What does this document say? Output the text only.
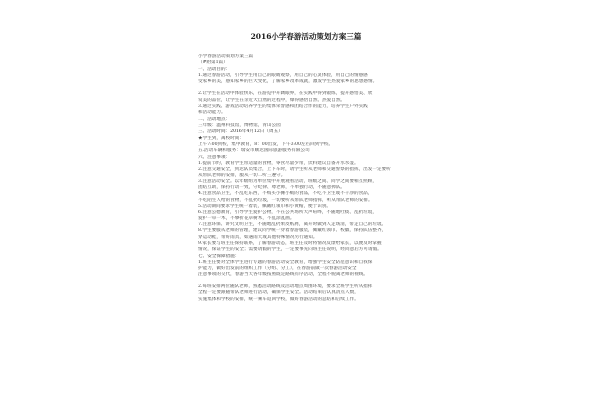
2016小学春游活动策划方案三篇
小学春游活动策划方案三篇
（#附第1篇）
一、活动目的：
1.通过春游活动，引导学生用自己的眼睛观察，用自己的心灵体验，用自己的情感感
受家乡的美，感知家乡的巨大变化，了解家乡改革成就，激发学生热爱家乡的思想感情。

2.让学生在活动中体验快乐，在游览中开阔眼界，在实践中得到锻炼，提升感悟美、欣
赏美的品位，让学生在亲近大自然的过程中，爆得感悟自然、热爱自然。
3.通过实践、游戏活动培养学生的集体荣誉感和团结合作的能力，培养学生户外实践
和活动能力。
二、活动地点：
三年级：温州科技馆，博物馆，青山公园
三、活动时间：2016年4月12日（周五）
★学生到，离校时间：
上午7:00到校，集中教育，8：00出发，下午3:00左右回到学校。
五.活动车辆和服务：瑞安市顺达国际旅游服务有限公司
六、注意事项：
1.提前节约，教育学生带适量的食物，零食尽量少带，饮料建议自备开水水壶。
2.注意交通安全，到达队员集合，上下车时，请学生听从老师和交通警察的指挥，出发一定要听
从带队老师的安排，服从一切二听三遵守。
3.注意活动安全。以年级组为单位集中开展观看活动，班级之间、同学之间要相互照顾，
团结互助，保持行动一致，守纪律、尊老师，不单独行动，不随意掉队。
4.注意食品卫生，不乱吃东西，不购买小摊小贩的食品，不吃不卫生或不干净的食品，
不吃陌生人给的食物，不乱扔垃圾，一切要听从带队老师指挥，听从带队老师的安排。
5.活动期间要求学生统一着装，佩戴红领巾和小黄帽，便于识别。
6.注意公德教育，引导学生爱护公物，不在公共场所大声喧哗，不随地吐痰、乱扔垃圾，
爱护一草一木，不攀折花草树木，不乱涂乱画。
7.注意环保、讲究文明卫生，不随地乱扔果皮纸屑，离开时做到人走场清，带走自己的垃圾。
8.学生要服从老师的管理，建议同学统一穿着春游服装，佩戴红领巾、校徽，保持队伍整齐，
穿运动鞋，带好雨具，如遇雨天或其他特殊情况另行通知。
9.家长要与班主任保持联系，了解春游动态，班主任及时将情况反馈给家长，以便及时掌握
情况，保证学生的安全；需要请假的学生，一定要事先向班主任说明，经同意后方可请假。
七、安全保障措施：
1.班主任要对全体学生进行专题的春游活动安全教育，增强学生安全防范意识和自我保
护能力，做好出发前的组织工作（分组、分工），在春游前做一次春游活动安全
注意事项的交代，春游当天各年级按照既定路线有序活动，全程不脱离老师的视线。

2.每班安排两位随队老师，熟悉活动路线及活动地点周围环境，要求全班学生听从指挥
全程一定要跟随带队老师进行活动，确保学生安全。活动结束后认真清点人数，
实施集体和学校的安排，统一乘车返回学校，做好春游活动的总结和后续工作。
